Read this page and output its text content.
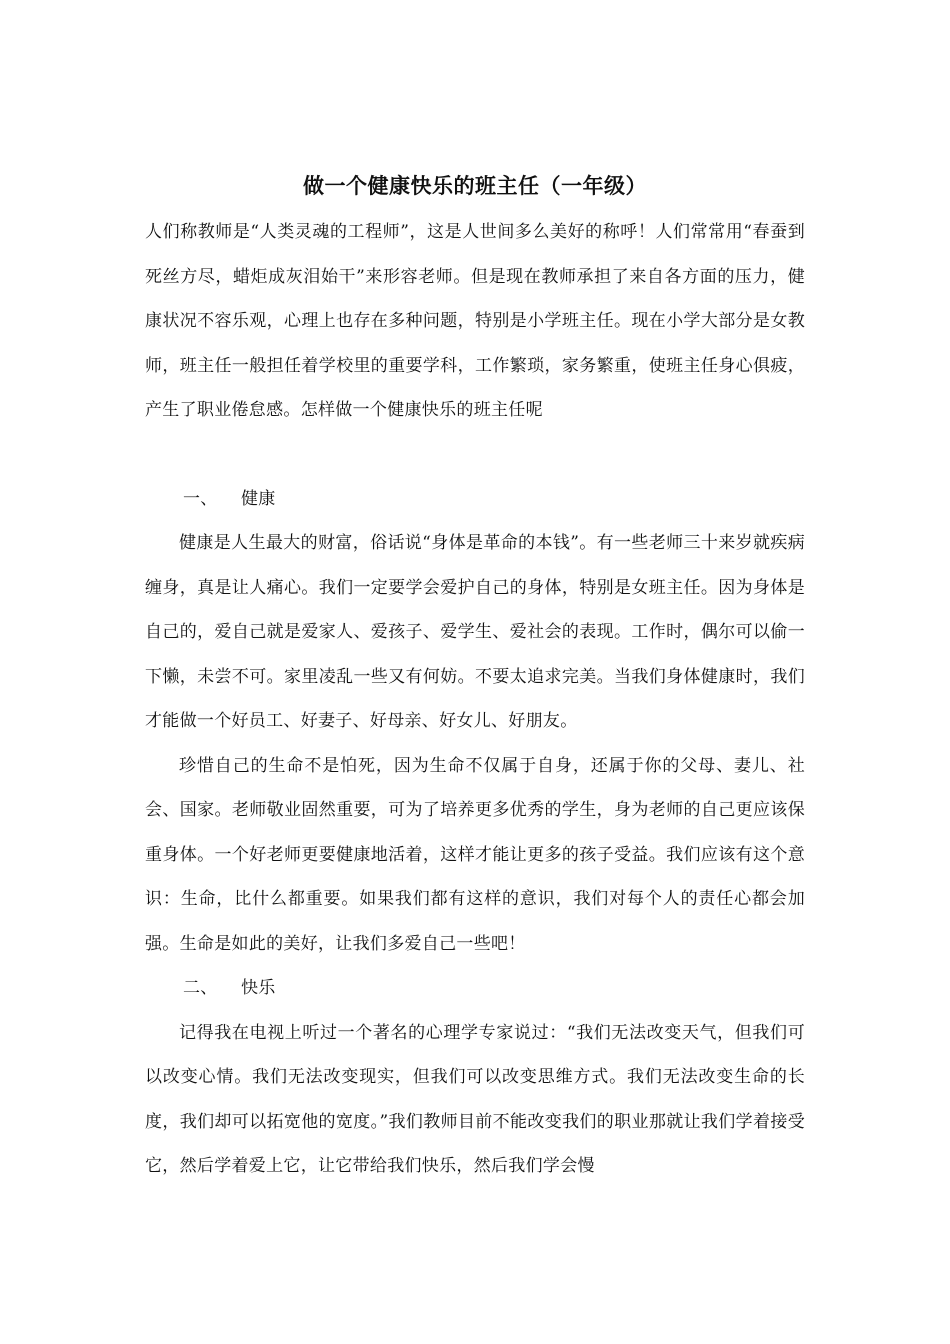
做一个健康快乐的班主任（一年级）

人们称教师是“人类灵魂的工程师”，这是人世间多么美好的称呼！人们常常用“春蚕到死丝方尽，蜡炬成灰泪始干”来形容老师。但是现在教师承担了来自各方面的压力，健康状况不容乐观，心理上也存在多种问题，特别是小学班主任。现在小学大部分是女教师，班主任一般担任着学校里的重要学科，工作繁琐，家务繁重，使班主任身心俱疲，产生了职业倦怠感。怎样做一个健康快乐的班主任呢

一、 健康

健康是人生最大的财富，俗话说“身体是革命的本钱”。有一些老师三十来岁就疾病缠身，真是让人痛心。我们一定要学会爱护自己的身体，特别是女班主任。因为身体是自己的，爱自己就是爱家人、爱孩子、爱学生、爱社会的表现。工作时，偶尔可以偷一下懒，未尝不可。家里凌乱一些又有何妨。不要太追求完美。当我们身体健康时，我们才能做一个好员工、好妻子、好母亲、好女儿、好朋友。

珍惜自己的生命不是怕死，因为生命不仅属于自身，还属于你的父母、妻儿、社会、国家。老师敬业固然重要，可为了培养更多优秀的学生，身为老师的自己更应该保重身体。一个好老师更要健康地活着，这样才能让更多的孩子受益。我们应该有这个意识：生命，比什么都重要。如果我们都有这样的意识，我们对每个人的责任心都会加强。生命是如此的美好，让我们多爱自己一些吧！

二、 快乐

记得我在电视上听过一个著名的心理学专家说过：“我们无法改变天气，但我们可以改变心情。我们无法改变现实，但我们可以改变思维方式。我们无法改变生命的长度，我们却可以拓宽他的宽度。”我们教师目前不能改变我们的职业那就让我们学着接受它，然后学着爱上它，让它带给我们快乐，然后我们学会慢
